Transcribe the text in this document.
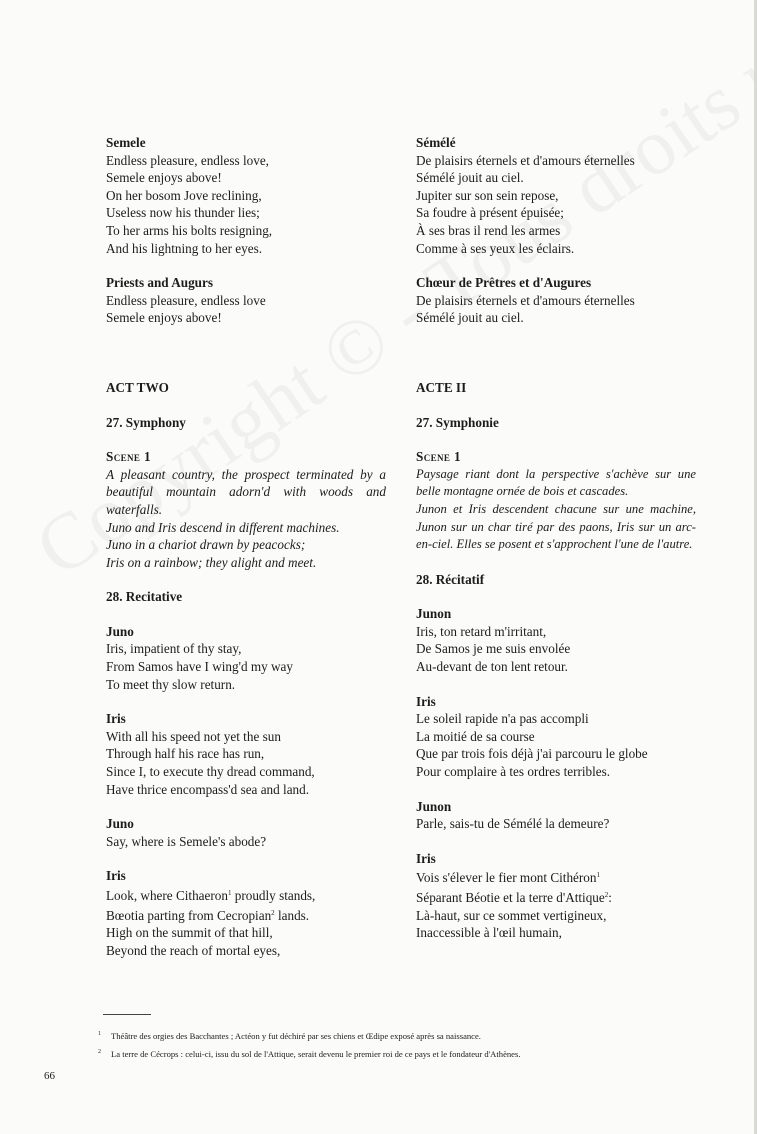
Semele
Endless pleasure, endless love,
Semele enjoys above!
On her bosom Jove reclining,
Useless now his thunder lies;
To her arms his bolts resigning,
And his lightning to her eyes.
Priests and Augurs
Endless pleasure, endless love
Semele enjoys above!
ACT TWO
27. Symphony
Scene 1
A pleasant country, the prospect terminated by a beautiful mountain adorn'd with woods and waterfalls.
Juno and Iris descend in different machines.
Juno in a chariot drawn by peacocks;
Iris on a rainbow; they alight and meet.
28. Recitative
Juno
Iris, impatient of thy stay,
From Samos have I wing'd my way
To meet thy slow return.
Iris
With all his speed not yet the sun
Through half his race has run,
Since I, to execute thy dread command,
Have thrice encompass'd sea and land.
Juno
Say, where is Semele's abode?
Iris
Look, where Cithaeron$^1$ proudly stands,
Bœotia parting from Cecropian$^2$ lands.
High on the summit of that hill,
Beyond the reach of mortal eyes,
Sémélé
De plaisirs éternels et d'amours éternelles
Sémélé jouit au ciel.
Jupiter sur son sein repose,
Sa foudre à présent épuisée;
À ses bras il rend les armes
Comme à ses yeux les éclairs.
Chœur de Prêtres et d'Augures
De plaisirs éternels et d'amours éternelles
Sémélé jouit au ciel.
ACTE II
27. Symphonie
Scene 1
Paysage riant dont la perspective s'achève sur une belle montagne ornée de bois et cascades.
Junon et Iris descendent chacune sur une machine, Junon sur un char tiré par des paons, Iris sur un arc-en-ciel. Elles se posent et s'approchent l'une de l'autre.
28. Récitatif
Junon
Iris, ton retard m'irritant,
De Samos je me suis envolée
Au-devant de ton lent retour.
Iris
Le soleil rapide n'a pas accompli
La moitié de sa course
Que par trois fois déjà j'ai parcouru le globe
Pour complaire à tes ordres terribles.
Junon
Parle, sais-tu de Sémélé la demeure?
Iris
Vois s'élever le fier mont Cithéron$^1$
Séparant Béotie et la terre d'Attique$^2$:
Là-haut, sur ce sommet vertigineux,
Inaccessible à l'œil humain,
$^1$ Théâtre des orgies des Bacchantes ; Actéon y fut déchiré par ses chiens et Œdipe exposé après sa naissance.
$^2$ La terre de Cécrops : celui-ci, issu du sol de l'Attique, serait devenu le premier roi de ce pays et le fondateur d'Athènes.
66
